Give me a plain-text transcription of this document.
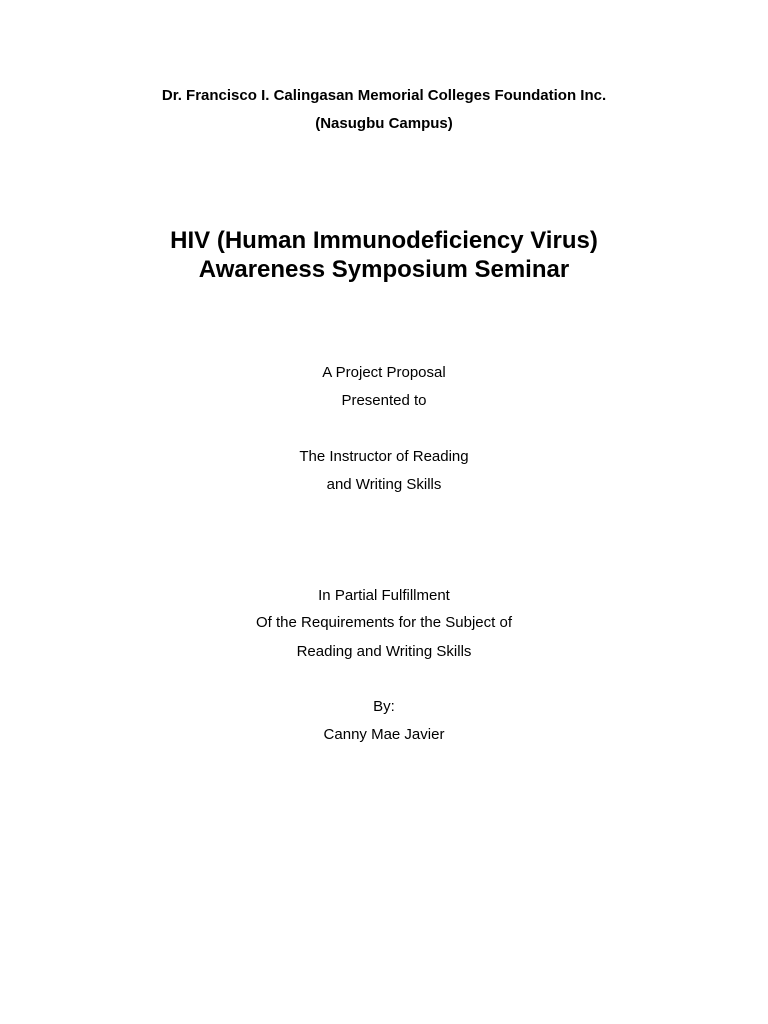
Dr. Francisco I. Calingasan Memorial Colleges Foundation Inc.

(Nasugbu Campus)

HIV (Human Immunodeficiency Virus)

Awareness Symposium Seminar

A Project Proposal

Presented to

The Instructor of Reading

and Writing Skills

In Partial Fulfillment

Of the Requirements for the Subject of

Reading and Writing Skills

By:

Canny Mae Javier
